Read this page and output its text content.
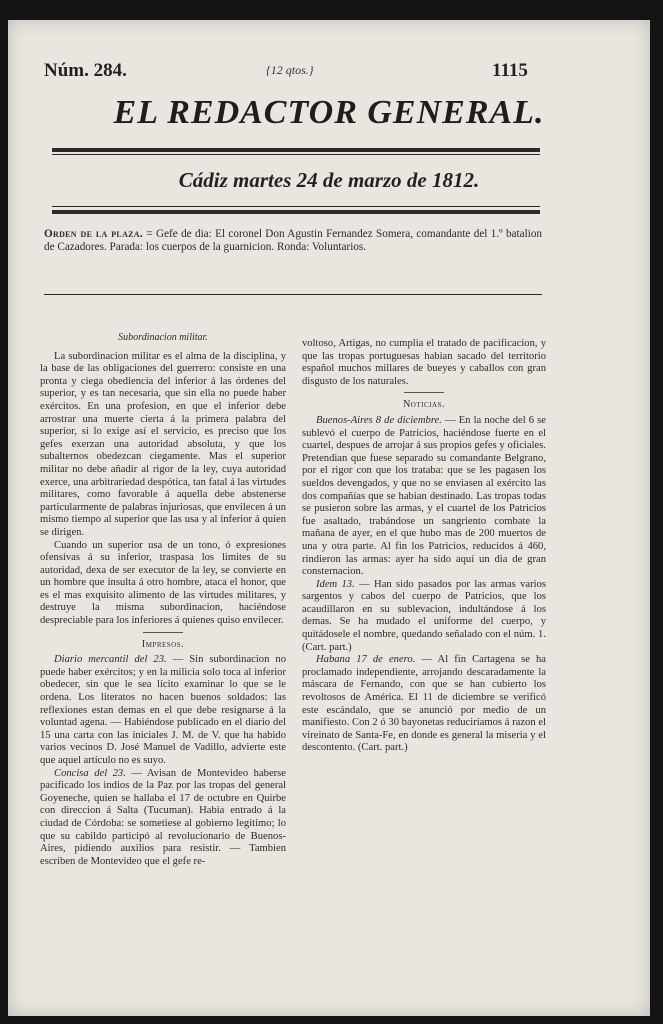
Núm. 284.	{12 qtos.}	1115
EL REDACTOR GENERAL.
Cádiz martes 24 de marzo de 1812.
Orden de la plaza. = Gefe de dia: El coronel Don Agustin Fernandez Somera, comandante del 1.º batalion de Cazadores. Parada: los cuerpos de la guarnicion. Ronda: Voluntarios.
Subordinacion militar.

La subordinacion militar es el alma de la disciplina, y la base de las obligaciones del guerrero: consiste en una pronta y ciega obediencia del inferior á las órdenes del superior, y es tan necesaria, que sin ella no puede haber exércitos. En una profesion, en que el inferior debe arrostrar una muerte cierta á la primera palabra del superior, si lo exige así el servicio, es preciso que los gefes exerzan una autoridad absoluta, y que los subalternos obedezcan ciegamente. Mas el superior militar no debe añadir al rigor de la ley, cuya autoridad exerce, una arbitrariedad despótica, tan fatal á las virtudes militares, como favorable á aquella debe abstenerse particularmente de palabras injuriosas, que envilecen á un mismo tiempo al superior que las usa y al inferior á quien se dirigen.

Cuando un superior usa de un tono, ó expresiones ofensivas á su inferior, traspasa los limites de su autoridad, dexa de ser executor de la ley, se convierte en un hombre que insulta á otro hombre, ataca el honor, que es el mas exquisito alimento de las virtudes militares, y destruye la misma subordinacion, haciéndose despreciable para los inferiores á quienes quiso envilecer.

Impresos.

Diario mercantil del 23. — Sin subordinacion no puede haber exércitos; y en la milicia solo toca al inferior obedecer, sin que le sea lícito examinar lo que se le ordena. Los literatos no hacen buenos soldados: las reflexiones estan demas en el que debe resignarse á la voluntad agena. — Habiéndose publicado en el diario del 15 una carta con las iniciales J. M. de V. que ha habido varios vecinos D. José Manuel de Vadillo, advierte este que aquel artículo no es suyo.

Concisa del 23. — Avisan de Montevideo haberse pacificado los indios de la Paz por las tropas del general Goyeneche, quien se hallaba el 17 de octubre en Quirbe con direccion á Salta (Tucuman). Habia entrado á la ciudad de Córdoba: se sometiese al gobierno legítimo; lo que su cabildo participó al revolucionario de Buenos-Aires, pidiendo auxilios para resistir. — Tambien escriben de Montevideo que el gefe re-

voltoso, Artigas, no cumplia el tratado de pacificacion, y que las tropas portuguesas habian sacado del territorio español muchos millares de bueyes y caballos con gran disgusto de los naturales.

Noticias.

Buenos-Aires 8 de diciembre. — En la noche del 6 se sublevó el cuerpo de Patricios, haciéndose fuerte en el cuartel, despues de arrojar á sus propios gefes y oficiales. Pretendian que fuese separado su comandante Belgrano, por el rigor con que los trataba: que se les pagasen los sueldos devengados, y que no se enviasen al exército las dos compañías que se habian destinado. Las tropas todas se pusieron sobre las armas, y el cuartel de los Patricios fue asaltado, trabándose un sangriento combate la mañana de ayer, en el que hubo mas de 200 muertos de una y otra parte. Al fin los Patricios, reducidos á 460, rindieron las armas: ayer ha sido aquí un dia de gran consternacion.

Idem 13. — Han sido pasados por las armas varios sargentos y cabos del cuerpo de Patricios, que los acaudillaron en su sublevacion, indultándose á los demas. Se ha mudado el uniforme del cuerpo, y quitádosele el nombre, quedando señalado con el núm. 1. (Cart. part.)

Habana 17 de enero. — Al fin Cartagena se ha proclamado independiente, arrojando descaradamente la máscara de Fernando, con que se han cubierto los revoltosos de América. El 11 de diciembre se verificó este escándalo, que se anunció por medio de un manifiesto. Con 2 ó 30 bayonetas reduciríamos á razon el vireinato de Santa-Fe, en donde es general la miseria y el descontento. (Cart. part.)
